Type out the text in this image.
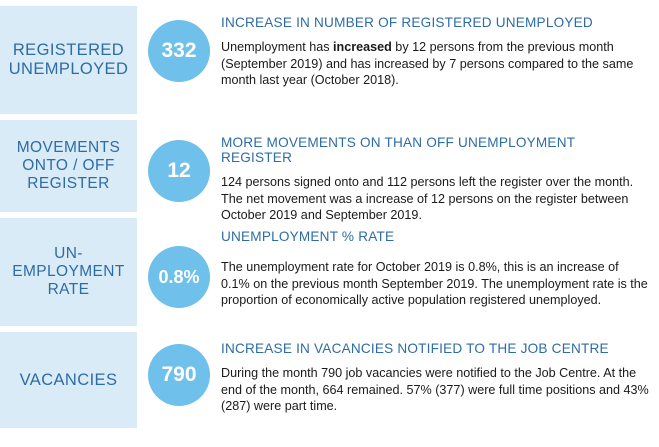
REGISTERED UNEMPLOYED
332
INCREASE IN NUMBER OF REGISTERED UNEMPLOYED
Unemployment has increased by 12 persons from the previous month (September 2019) and has increased by 7 persons compared to the same month last year (October 2018).
MOVEMENTS ONTO / OFF REGISTER
12
MORE MOVEMENTS ON THAN OFF UNEMPLOYMENT REGISTER
124 persons signed onto and 112 persons left the register over the month. The net movement was a increase of 12 persons on the register between October 2019 and September 2019.
UN-EMPLOYMENT RATE
0.8%
UNEMPLOYMENT % RATE
The unemployment rate for October 2019 is 0.8%, this is an increase of 0.1% on the previous month September 2019. The unemployment rate is the proportion of economically active population registered unemployed.
VACANCIES	790
INCREASE IN VACANCIES NOTIFIED TO THE JOB CENTRE
During the month 790 job vacancies were notified to the Job Centre. At the end of the month, 664 remained. 57% (377) were full time positions and 43% (287) were part time.
